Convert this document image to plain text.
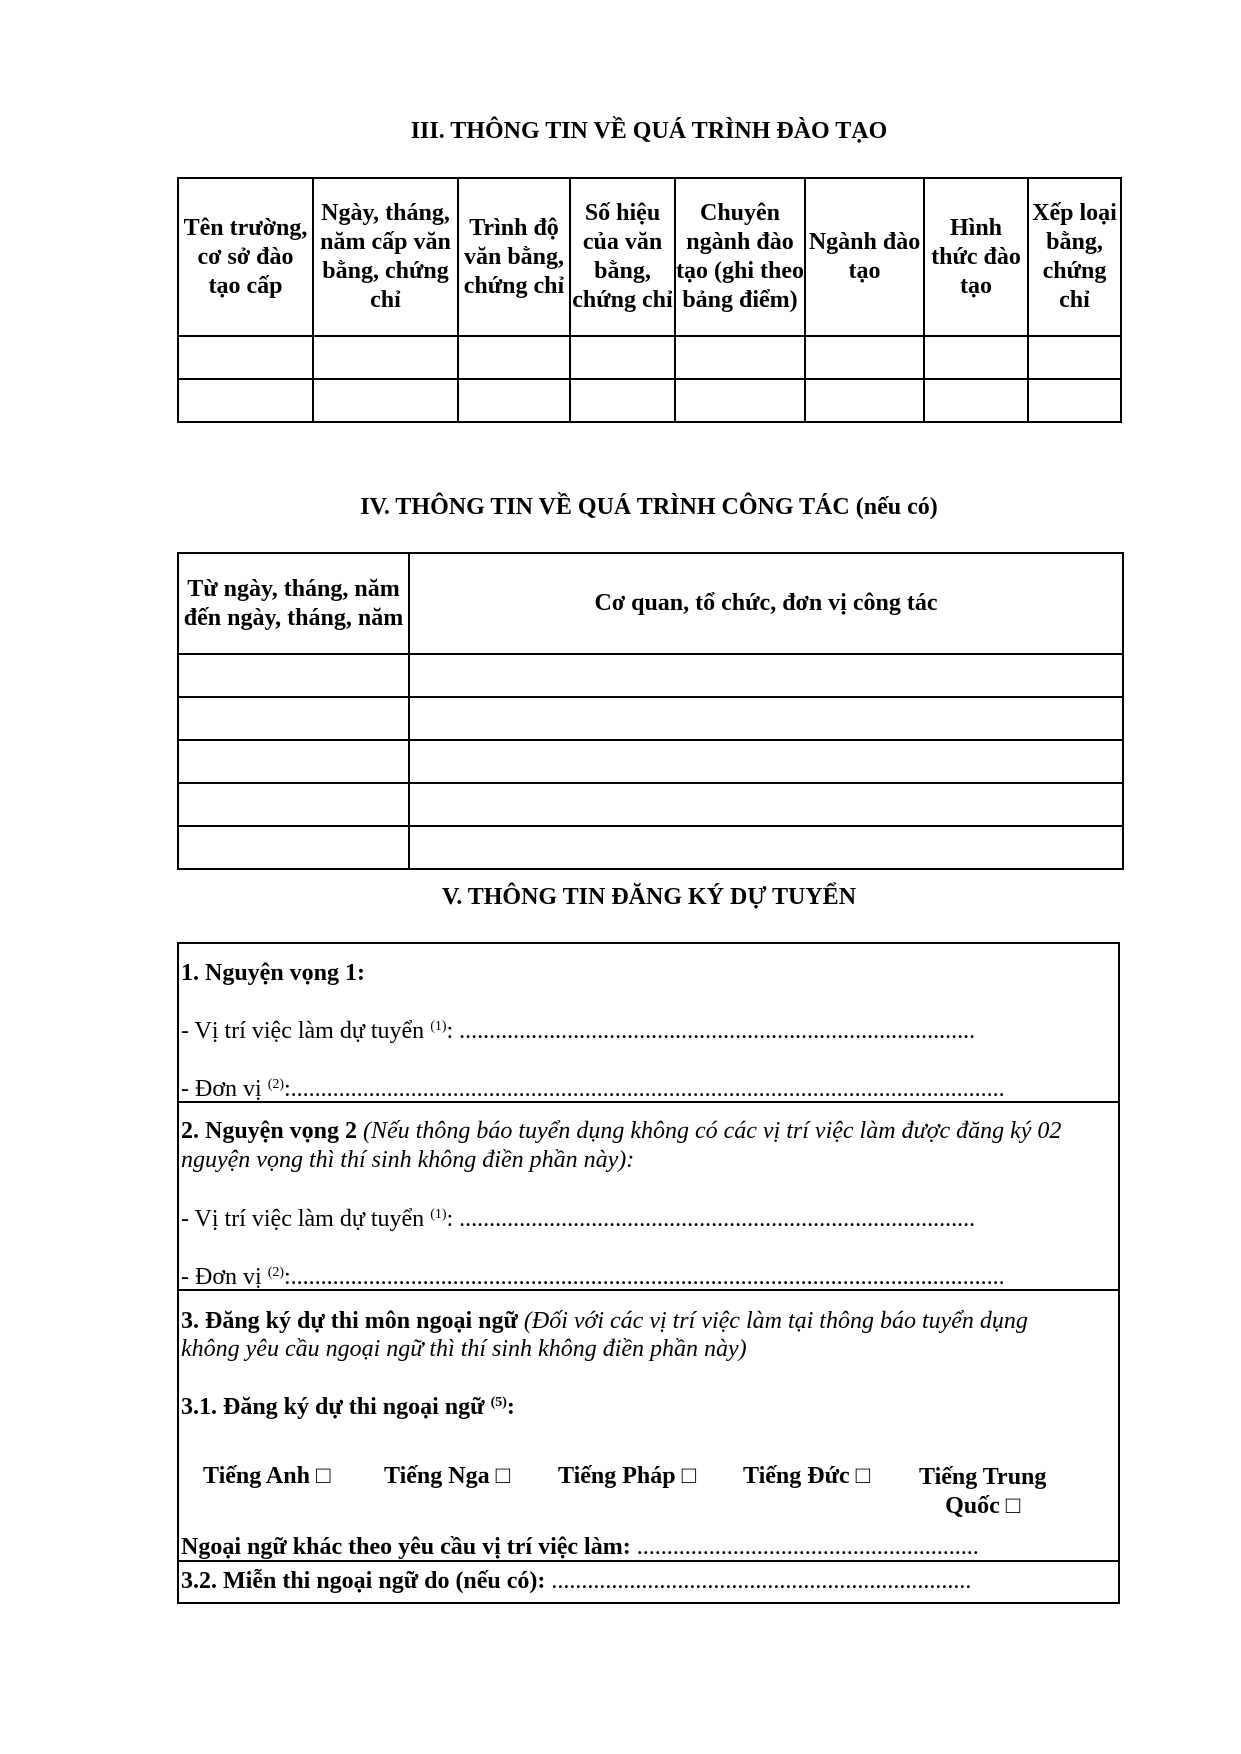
III. THÔNG TIN VỀ QUÁ TRÌNH ĐÀO TẠO
Tên trường, cơ sở đào tạo cấp	Ngày, tháng, năm cấp văn bằng, chứng chỉ	Trình độ văn bằng, chứng chỉ	Số hiệu của văn bằng, chứng chỉ	Chuyên ngành đào tạo (ghi theo bảng điểm)	Ngành đào tạo	Hình thức đào tạo	Xếp loại bằng, chứng chỉ

IV. THÔNG TIN VỀ QUÁ TRÌNH CÔNG TÁC (nếu có)
Từ ngày, tháng, năm đến ngày, tháng, năm	Cơ quan, tổ chức, đơn vị công tác

V. THÔNG TIN ĐĂNG KÝ DỰ TUYỂN
1. Nguyện vọng 1:
- Vị trí việc làm dự tuyển $^{(1)}$: ......................................................................................
- Đơn vị $^{(2)}$:.......................................................................................................................
2. Nguyện vọng 2 (Nếu thông báo tuyển dụng không có các vị trí việc làm được đăng ký 02
nguyện vọng thì thí sinh không điền phần này):
- Vị trí việc làm dự tuyển $^{(1)}$: ......................................................................................
- Đơn vị $^{(2)}$:.......................................................................................................................
3. Đăng ký dự thi môn ngoại ngữ (Đối với các vị trí việc làm tại thông báo tuyển dụng
không yêu cầu ngoại ngữ thì thí sinh không điền phần này)
3.1. Đăng ký dự thi ngoại ngữ $^{(5)}$:
Tiếng Anh □ Tiếng Nga □ Tiếng Pháp □ Tiếng Đức □ Tiếng Trung
Quốc □
Ngoại ngữ khác theo yêu cầu vị trí việc làm: .........................................................
3.2. Miễn thi ngoại ngữ do (nếu có): ......................................................................
